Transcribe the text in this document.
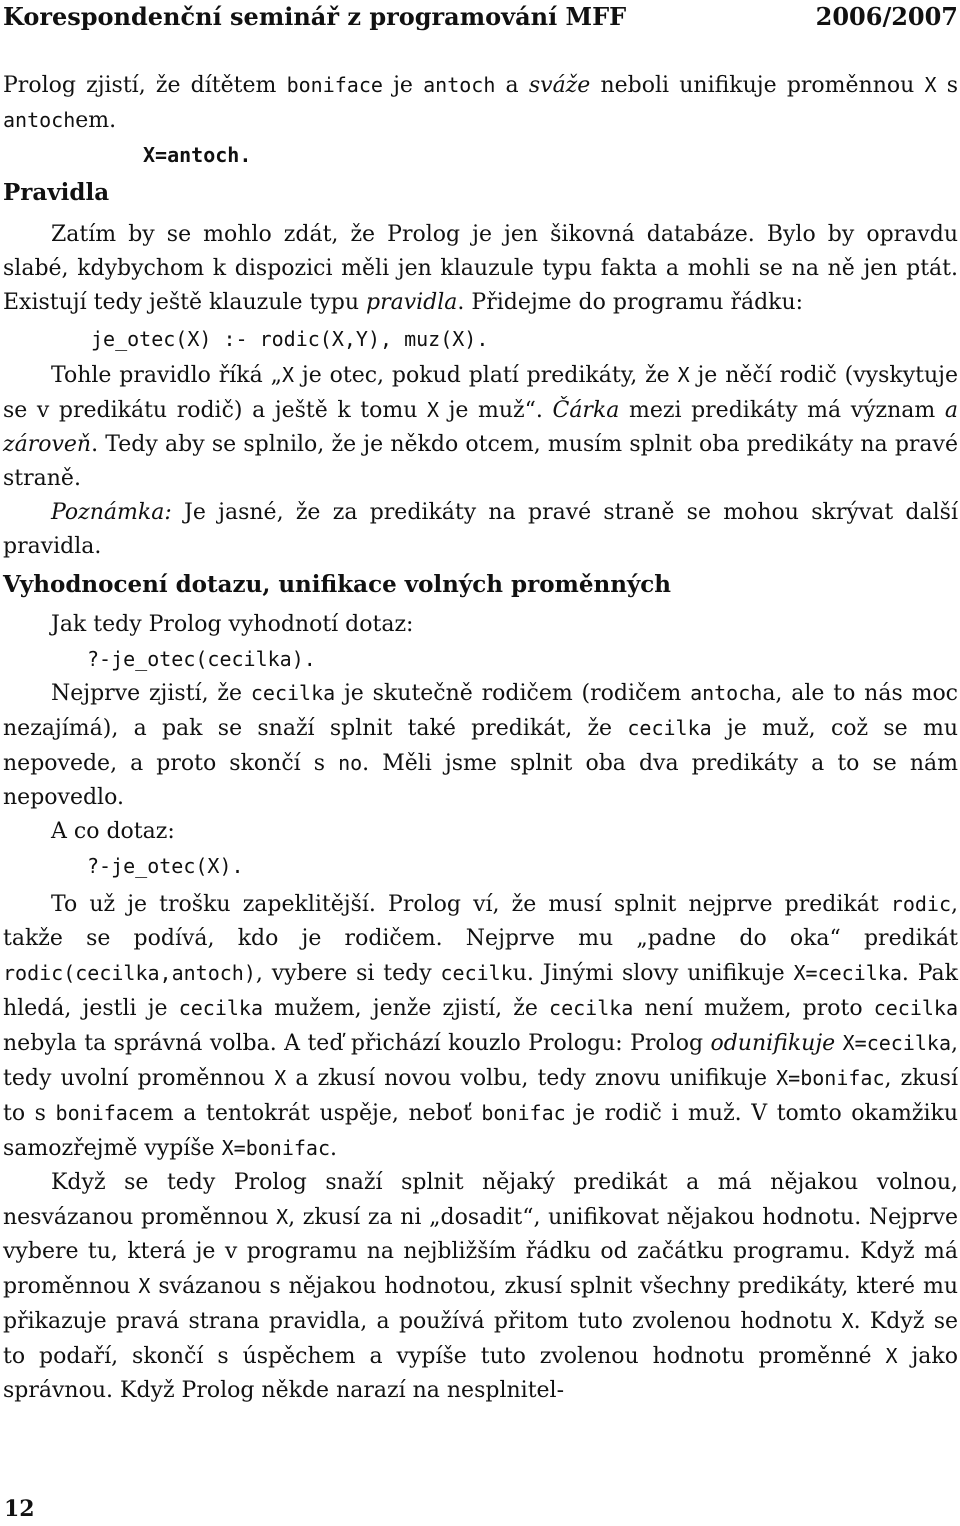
Korespondenční seminář z programování MFF	2006/2007

Prolog zjistí, že dítětem boniface je antoch a sváže neboli unifikuje proměnnou X s antochem.

X=antoch.
Pravidla

Zatím by se mohlo zdát, že Prolog je jen šikovná databáze. Bylo by opravdu slabé, kdybychom k dispozici měli jen klauzule typu fakta a mohli se na ně jen ptát. Existují tedy ještě klauzule typu pravidla. Přidejme do programu řádku:

je_otec(X) :- rodic(X,Y), muz(X).

Tohle pravidlo říká „X je otec, pokud platí predikáty, že X je něčí rodič (vyskytuje se v predikátu rodič) a ještě k tomu X je muž“. Čárka mezi predikáty má význam a zároveň. Tedy aby se splnilo, že je někdo otcem, musím splnit oba predikáty na pravé straně.

Poznámka: Je jasné, že za predikáty na pravé straně se mohou skrývat další pravidla.

Vyhodnocení dotazu, unifikace volných proměnných

Jak tedy Prolog vyhodnotí dotaz:

?-je_otec(cecilka).

Nejprve zjistí, že cecilka je skutečně rodičem (rodičem antocha, ale to nás moc nezajímá), a pak se snaží splnit také predikát, že cecilka je muž, což se mu nepovede, a proto skončí s no. Měli jsme splnit oba dva predikáty a to se nám nepovedlo.

A co dotaz:

?-je_otec(X).

To už je trošku zapeklitější. Prolog ví, že musí splnit nejprve predikát rodic, takže se podívá, kdo je rodičem. Nejprve mu „padne do oka“ predikát rodic(cecilka,antoch), vybere si tedy cecilku. Jinými slovy unifikuje X=cecilka. Pak hledá, jestli je cecilka mužem, jenže zjistí, že cecilka není mužem, proto cecilka nebyla ta správná volba. A teď přichází kouzlo Prologu: Prolog odunifikuje X=cecilka, tedy uvolní proměnnou X a zkusí novou volbu, tedy znovu unifikuje X=bonifac, zkusí to s bonifacem a tentokrát uspěje, neboť bonifac je rodič i muž. V tomto okamžiku samozřejmě vypíše X=bonifac.

Když se tedy Prolog snaží splnit nějaký predikát a má nějakou volnou, nesvázanou proměnnou X, zkusí za ni „dosadit“, unifikovat nějakou hodnotu. Nejprve vybere tu, která je v programu na nejbližším řádku od začátku programu. Když má proměnnou X svázanou s nějakou hodnotou, zkusí splnit všechny predikáty, které mu přikazuje pravá strana pravidla, a používá přitom tuto zvolenou hodnotu X. Když se to podaří, skončí s úspěchem a vypíše tuto zvolenou hodnotu proměnné X jako správnou. Když Prolog někde narazí na nesplnitel-

12
